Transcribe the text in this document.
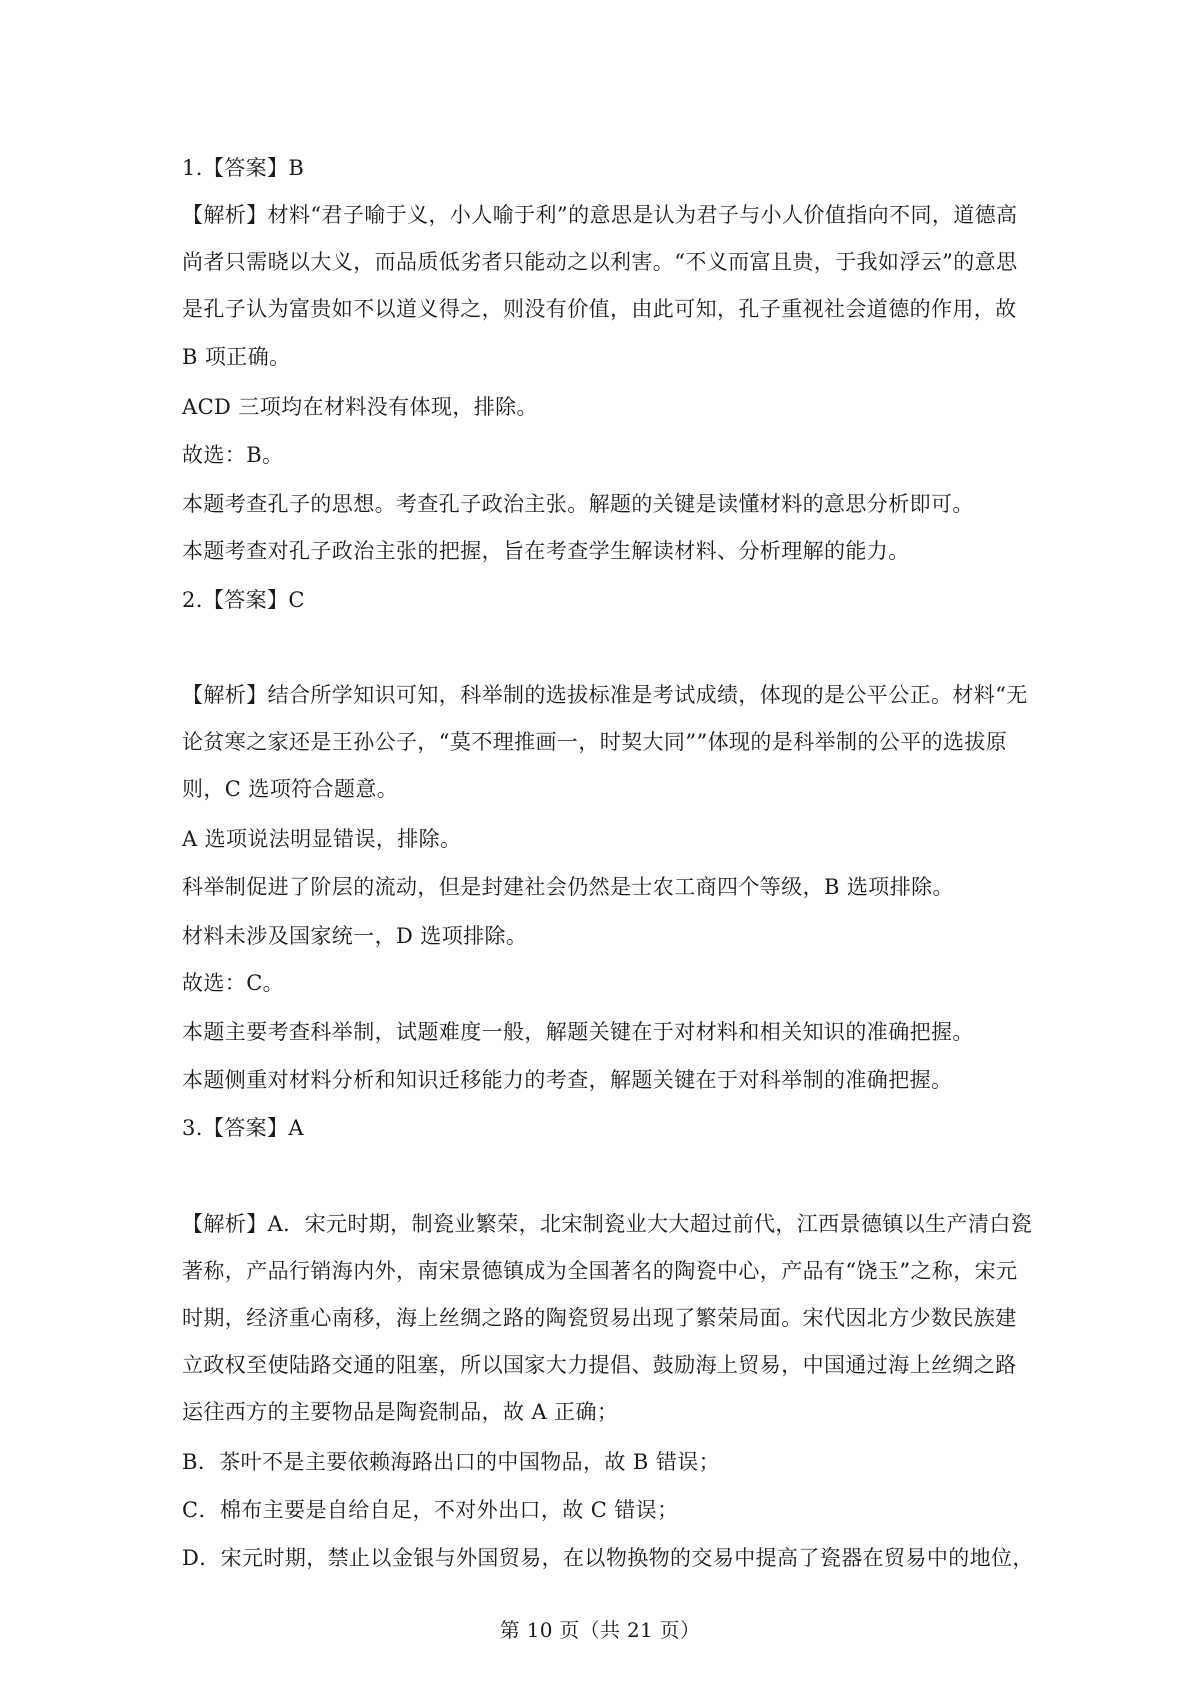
1.【答案】B
【解析】材料“君子喻于义，小人喻于利”的意思是认为君子与小人价值指向不同，道德高
尚者只需晓以大义，而品质低劣者只能动之以利害。“不义而富且贵，于我如浮云”的意思
是孔子认为富贵如不以道义得之，则没有价值，由此可知，孔子重视社会道德的作用，故
B 项正确。
ACD 三项均在材料没有体现，排除。
故选：B。
本题考查孔子的思想。考查孔子政治主张。解题的关键是读懂材料的意思分析即可。
本题考查对孔子政治主张的把握，旨在考查学生解读材料、分析理解的能力。
2.【答案】C
【解析】结合所学知识可知，科举制的选拔标准是考试成绩，体现的是公平公正。材料“无
论贫寒之家还是王孙公子，“莫不理推画一，时契大同””体现的是科举制的公平的选拔原
则，C 选项符合题意。
A 选项说法明显错误，排除。
科举制促进了阶层的流动，但是封建社会仍然是士农工商四个等级，B 选项排除。
材料未涉及国家统一，D 选项排除。
故选：C。
本题主要考查科举制，试题难度一般，解题关键在于对材料和相关知识的准确把握。
本题侧重对材料分析和知识迁移能力的考查，解题关键在于对科举制的准确把握。
3.【答案】A
【解析】A．宋元时期，制瓷业繁荣，北宋制瓷业大大超过前代，江西景德镇以生产清白瓷
著称，产品行销海内外，南宋景德镇成为全国著名的陶瓷中心，产品有“饶玉”之称，宋元
时期，经济重心南移，海上丝绸之路的陶瓷贸易出现了繁荣局面。宋代因北方少数民族建
立政权至使陆路交通的阻塞，所以国家大力提倡、鼓励海上贸易，中国通过海上丝绸之路
运往西方的主要物品是陶瓷制品，故 A 正确；
B．茶叶不是主要依赖海路出口的中国物品，故 B 错误；
C．棉布主要是自给自足，不对外出口，故 C 错误；
D．宋元时期，禁止以金银与外国贸易，在以物换物的交易中提高了瓷器在贸易中的地位，
第 10 页（共 21 页）
